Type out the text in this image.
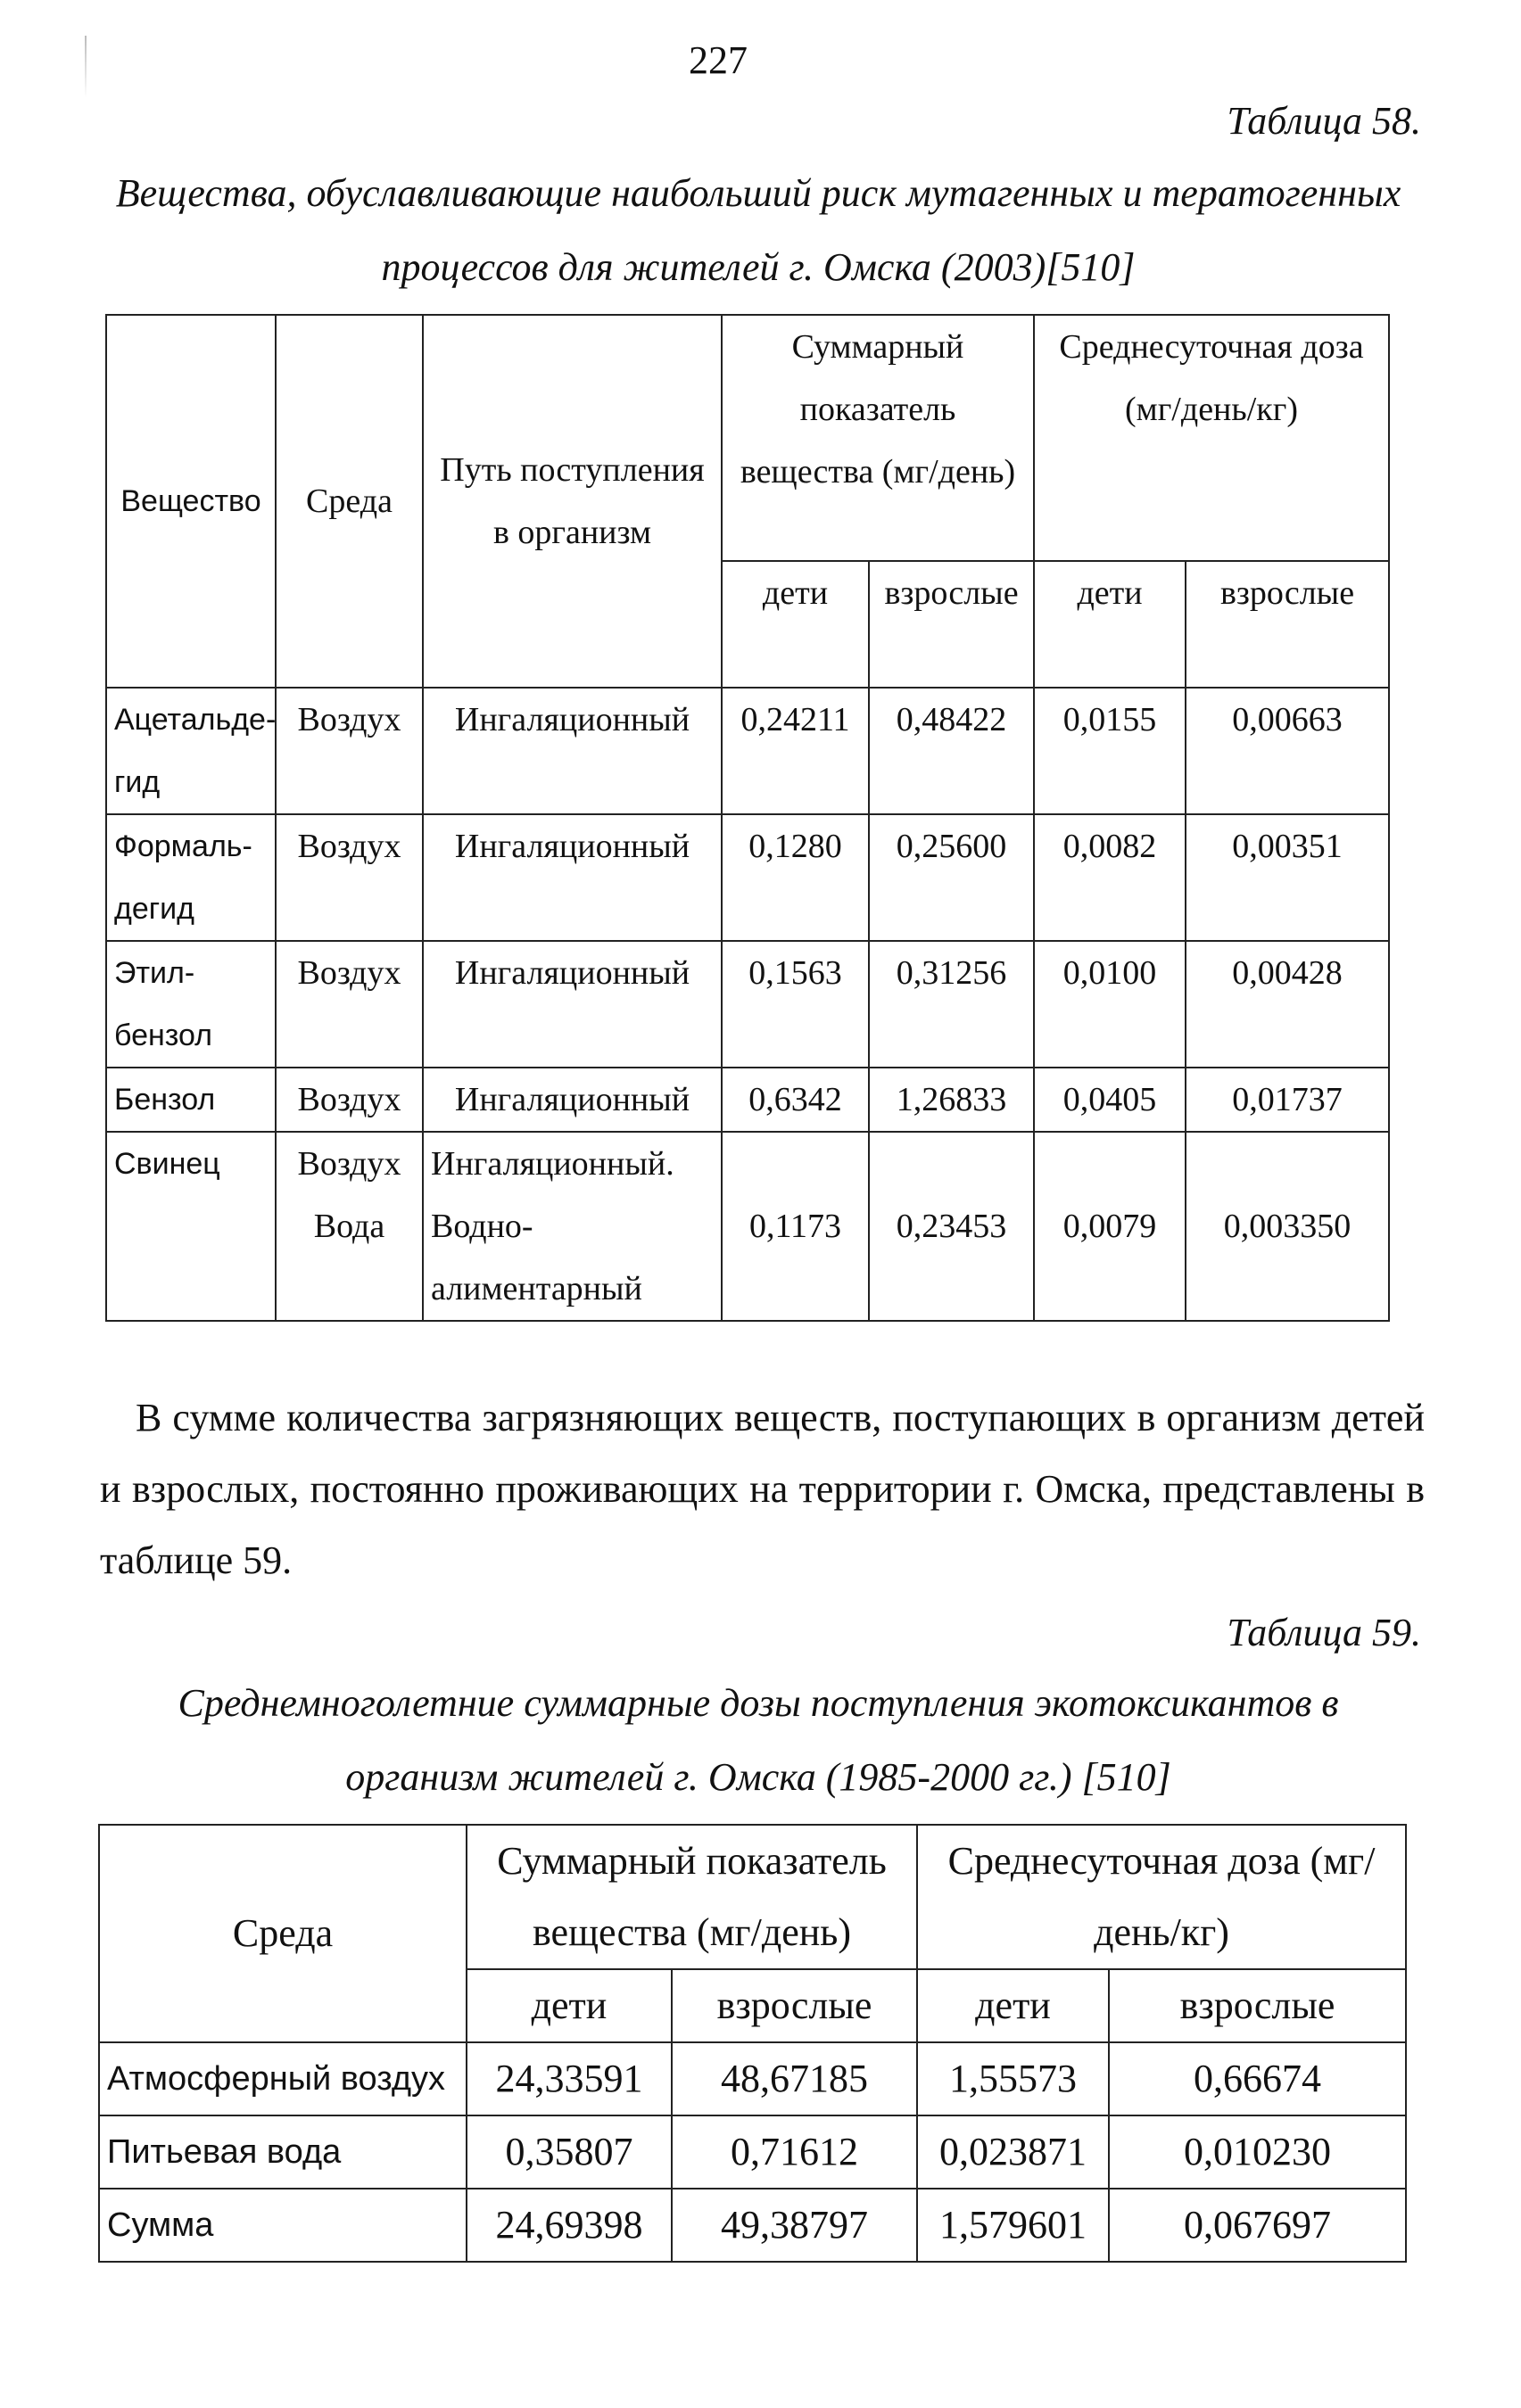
227
Таблица 58.
Вещества, обуславливающие наибольший риск мутагенных и тератогенных
процессов для жителей г. Омска (2003)[510]
Вещество	Среда	Путь поступления в организм	Суммарный показатель вещества (мг/день)		Среднесуточная доза (мг/день/кг)	
			дети	взрослые	дети	взрослые
Ацетальде-гид	Воздух	Ингаляционный	0,24211	0,48422	0,0155	0,00663
Формаль-дегид	Воздух	Ингаляционный	0,1280	0,25600	0,0082	0,00351
Этил-бензол	Воздух	Ингаляционный	0,1563	0,31256	0,0100	0,00428
Бензол	Воздух	Ингаляционный	0,6342	1,26833	0,0405	0,01737
Свинец	Воздух Вода	Ингаляционный. Водно-алиментарный	0,1173	0,23453	0,0079	0,003350
В сумме количества загрязняющих веществ, поступающих в организм детей и взрослых, постоянно проживающих на территории г. Омска, представлены в таблице 59.
Таблица 59.
Среднемноголетние суммарные дозы поступления экотоксикантов в
организм жителей г. Омска (1985-2000 гг.) [510]
Среда	Суммарный показатель вещества (мг/день)		Среднесуточная доза (мг/день/кг)	
	дети	взрослые	дети	взрослые
Атмосферный воздух	24,33591	48,67185	1,55573	0,66674
Питьевая вода	0,35807	0,71612	0,023871	0,010230
Сумма	24,69398	49,38797	1,579601	0,067697
